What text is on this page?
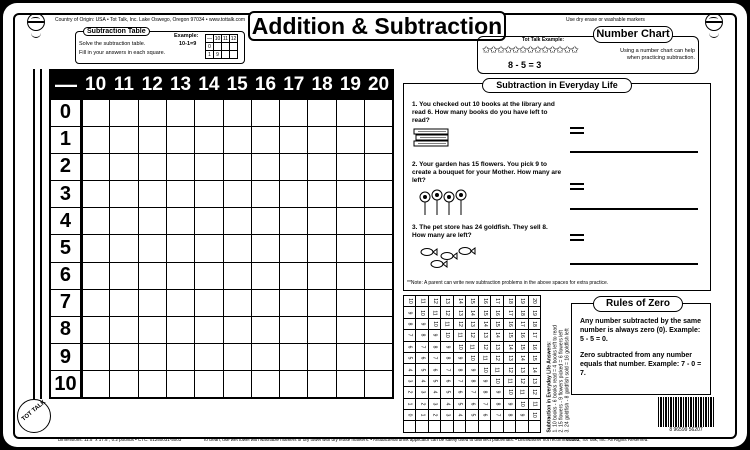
Country of Origin: USA • Tot Talk, Inc. Lake Oswego, Oregon 97034 • www.tottalk.com	Use dry erase or washable markers
Addition & Subtraction
Subtraction Table
Solve the subtraction table.
Fill in your answers in each square.
Example:
10-1=9
—	10	11	12
0			
1	9		
Number Chart
Tot Talk Example:
✩✩✩✩✩✩✩✩✩✩✩✩✩
8 - 5 = 3
Using a number chart can help when practicing subtraction.
—	10	11	12	13	14	15	16	17	18	19	20
0											
1											
2											
3											
4											
5											
6											
7											
8											
9											
10											
Subtraction in Everyday Life
1. You checked out 10 books at the library and read 6. How many books do you have left to read?
2. Your garden has 15 flowers. You pick 9 to create a bouquet for your Mother. How many are left?
3. The pet store has 24 goldfish. They sell 8. How many are left?
**Note: A parent can write new subtraction problems in the above spaces for extra practice.
10	11	12	13	14	15	16	17	18	19	20
9	10	11	12	13	14	15	16	17	18	19
8	9	10	11	12	13	14	15	16	17	18
7	8	9	10	11	12	13	14	15	16	17
6	7	8	9	10	11	12	13	14	15	16
5	6	7	8	9	10	11	12	13	14	15
4	5	6	7	8	9	10	11	12	13	14
3	4	5	6	7	8	9	10	11	12	13
2	3	4	5	6	7	8	9	10	11	12
1	2	3	4	5	6	7	8	9	10	11
0	1	2	3	4	5	6	7	8	9	10
										Subtraction in Everyday Life Answers: 1. 10 books - 6 books read = 4 books left to read 2. 15 flowers - 9 flowers picked = 6 flowers left 3. 24 goldfish - 8 goldfish sold = 16 goldfish left
Rules of Zero
Any number subtracted by the same number is always zero (0). Example: 5 - 5 = 0.
Zero subtracted from any number equals that number. Example: 7 - 0 = 7.
8 96599 56207
TOT TALK
Dimensions: 11.5" x 17.5", 0.2 pounds • CTC: 01250031-5003	To clean, use wet towel with washable markers or dry towel with dry erase markers. • Antibacterial drink applicator can be safely used to disinfect placemats. • Dishwasher not recommended.
©2022, Tot Talk, Inc. All Rights Reserved.
